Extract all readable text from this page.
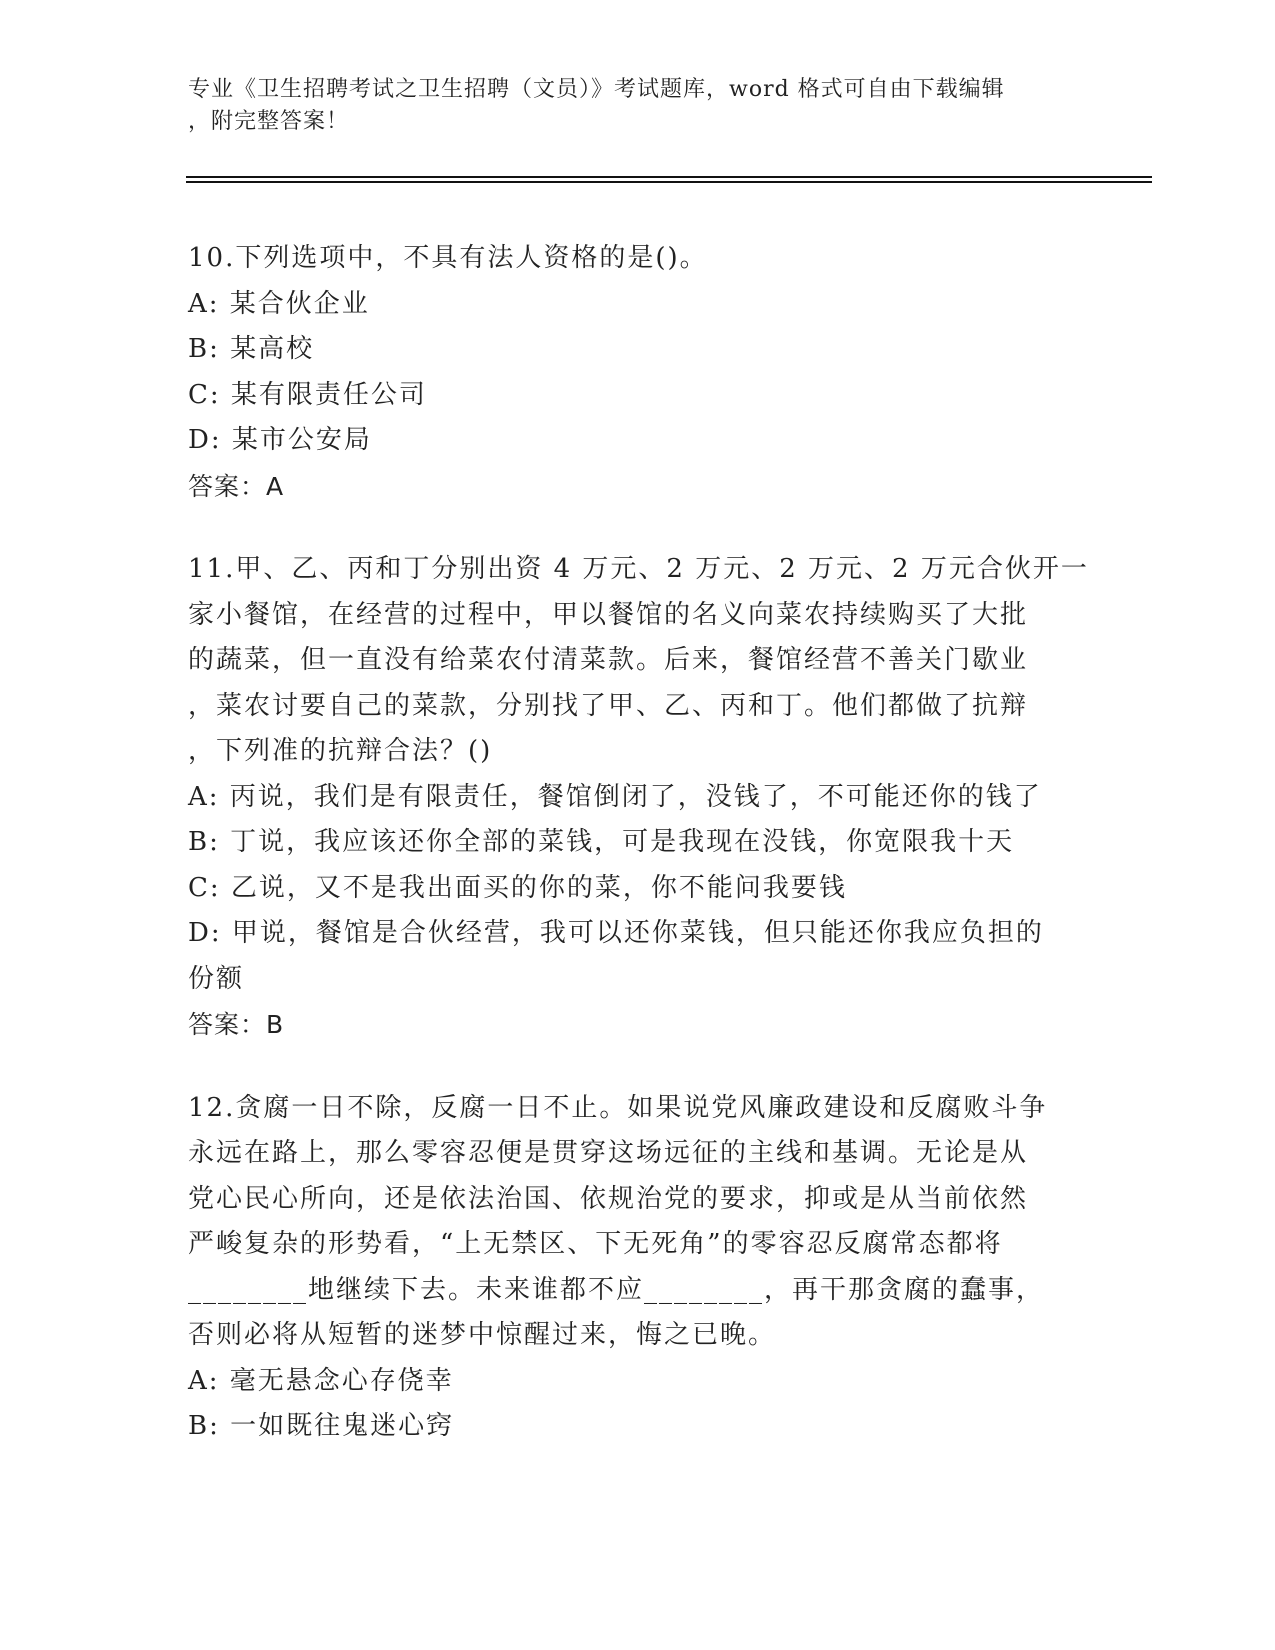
专业《卫生招聘考试之卫生招聘（文员）》考试题库，word 格式可自由下载编辑
，附完整答案！
10.下列选项中，不具有法人资格的是()。
A: 某合伙企业
B: 某高校
C: 某有限责任公司
D: 某市公安局
答案：A
11.甲、乙、丙和丁分别出资 4 万元、2 万元、2 万元、2 万元合伙开一
家小餐馆，在经营的过程中，甲以餐馆的名义向菜农持续购买了大批
的蔬菜，但一直没有给菜农付清菜款。后来，餐馆经营不善关门歇业
，菜农讨要自己的菜款，分别找了甲、乙、丙和丁。他们都做了抗辩
，下列准的抗辩合法？()
A: 丙说，我们是有限责任，餐馆倒闭了，没钱了，不可能还你的钱了
B: 丁说，我应该还你全部的菜钱，可是我现在没钱，你宽限我十天
C: 乙说，又不是我出面买的你的菜，你不能问我要钱
D: 甲说，餐馆是合伙经营，我可以还你菜钱，但只能还你我应负担的
份额
答案：B
12.贪腐一日不除，反腐一日不止。如果说党风廉政建设和反腐败斗争
永远在路上，那么零容忍便是贯穿这场远征的主线和基调。无论是从
党心民心所向，还是依法治国、依规治党的要求，抑或是从当前依然
严峻复杂的形势看，“上无禁区、下无死角”的零容忍反腐常态都将
________地继续下去。未来谁都不应________，再干那贪腐的蠢事，
否则必将从短暂的迷梦中惊醒过来，悔之已晚。
A: 毫无悬念心存侥幸
B: 一如既往鬼迷心窍
